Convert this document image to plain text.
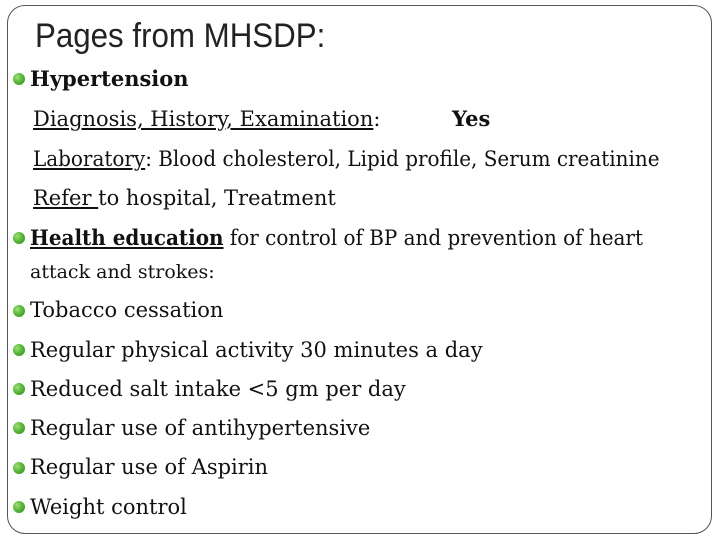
Pages from MHSDP:
Hypertension
Diagnosis, History, Examination:	Yes
Laboratory: Blood cholesterol, Lipid profile, Serum creatinine
Refer to hospital, Treatment
Health education for control of BP and prevention of heart
attack and strokes:
Tobacco cessation
Regular physical activity 30 minutes a day
Reduced salt intake <5 gm per day
Regular use of antihypertensive
Regular use of Aspirin
Weight control
